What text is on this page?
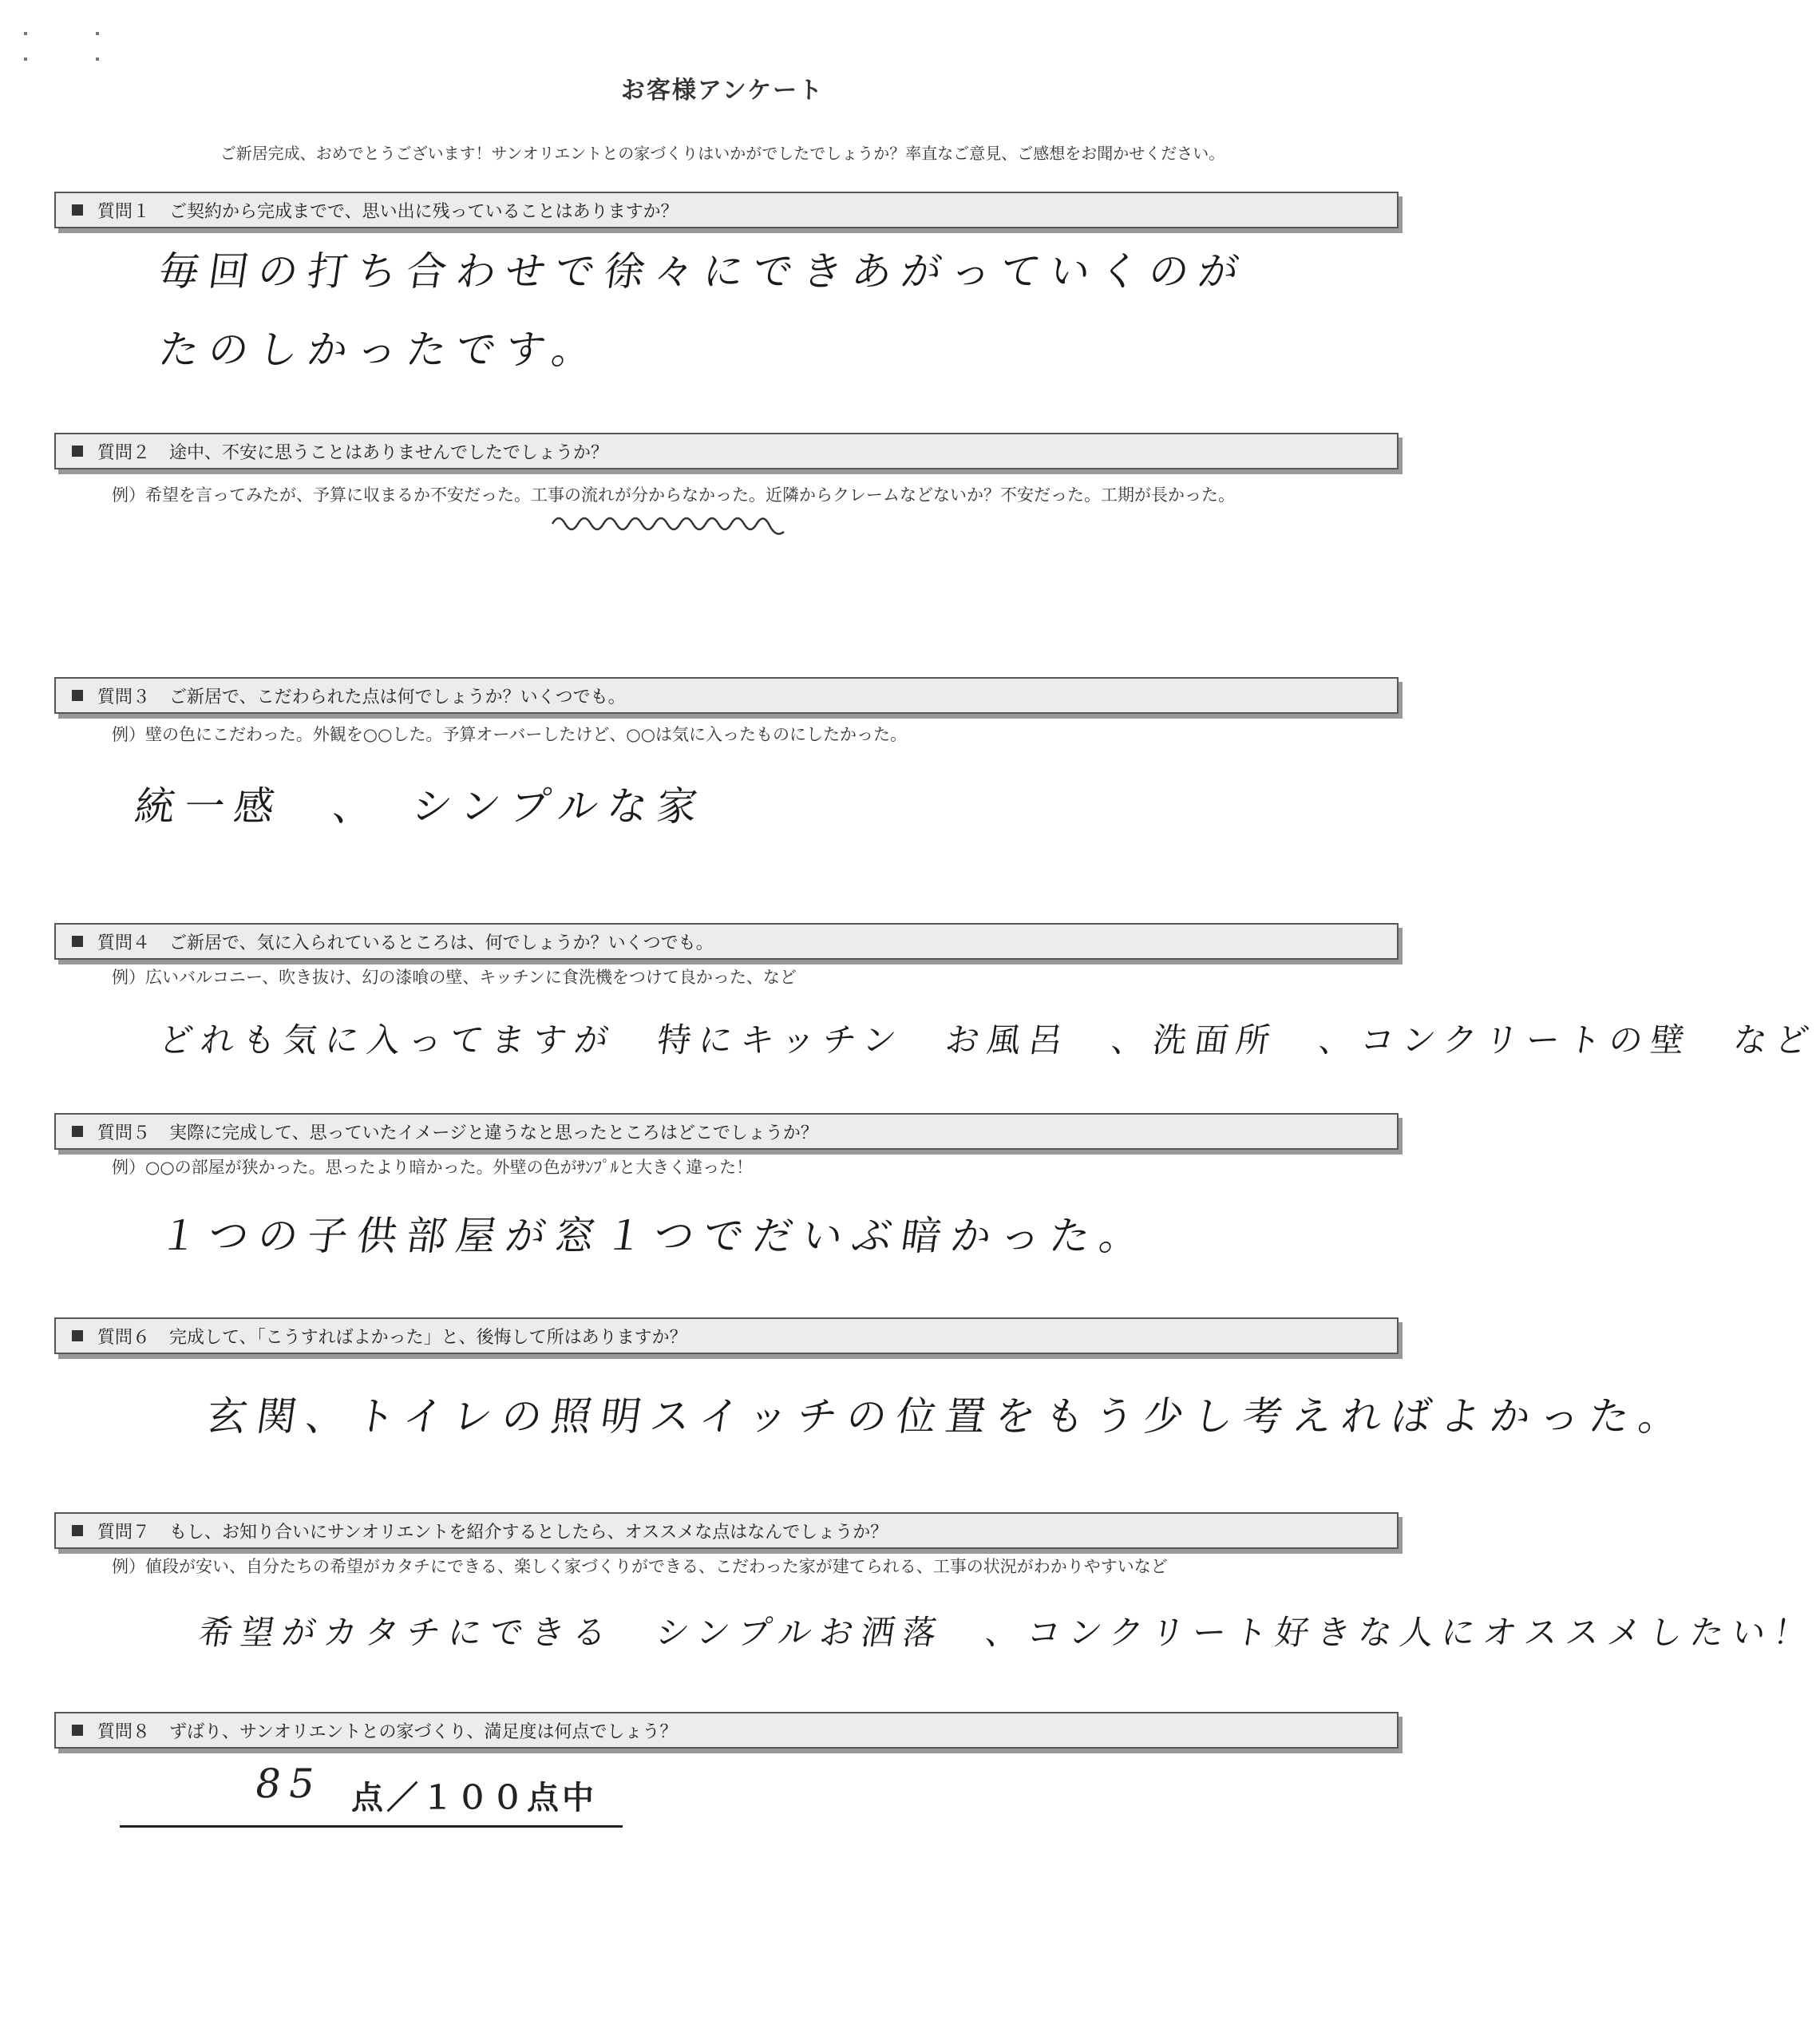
お客様アンケート
ご新居完成、おめでとうございます！サンオリエントとの家づくりはいかがでしたでしょうか？率直なご意見、ご感想をお聞かせください。
質問１ ご契約から完成までで、思い出に残っていることはありますか？
毎回の打ち合わせで徐々にできあがっていくのが
たのしかったです。
質問２ 途中、不安に思うことはありませんでしたでしょうか？
例）希望を言ってみたが、予算に収まるか不安だった。工事の流れが分からなかった。近隣からクレームなどないか？不安だった。工期が長かった。
質問３ ご新居で、こだわられた点は何でしょうか？いくつでも。
例）壁の色にこだわった。外観を○○した。予算オーバーしたけど、○○は気に入ったものにしたかった。
統一感　、　シンプルな家
質問４ ご新居で、気に入られているところは、何でしょうか？いくつでも。
例）広いバルコニー、吹き抜け、幻の漆喰の壁、キッチンに食洗機をつけて良かった、など
どれも気に入ってますが　特にキッチン　お風呂　、洗面所　、コンクリートの壁　など
質問５ 実際に完成して、思っていたイメージと違うなと思ったところはどこでしょうか？
例）○○の部屋が狭かった。思ったより暗かった。外壁の色がｻﾝﾌﾟﾙと大きく違った！
１つの子供部屋が窓１つでだいぶ暗かった。
質問６ 完成して、「こうすればよかった」と、後悔して所はありますか？
玄関、トイレの照明スイッチの位置をもう少し考えればよかった。
質問７ もし、お知り合いにサンオリエントを紹介するとしたら、オススメな点はなんでしょうか？
例）値段が安い、自分たちの希望がカタチにできる、楽しく家づくりができる、こだわった家が建てられる、工事の状況がわかりやすいなど
希望がカタチにできる　シンプルお洒落　、コンクリート好きな人にオススメしたい！
質問８ ずばり、サンオリエントとの家づくり、満足度は何点でしょう？
85 点／１００点中
